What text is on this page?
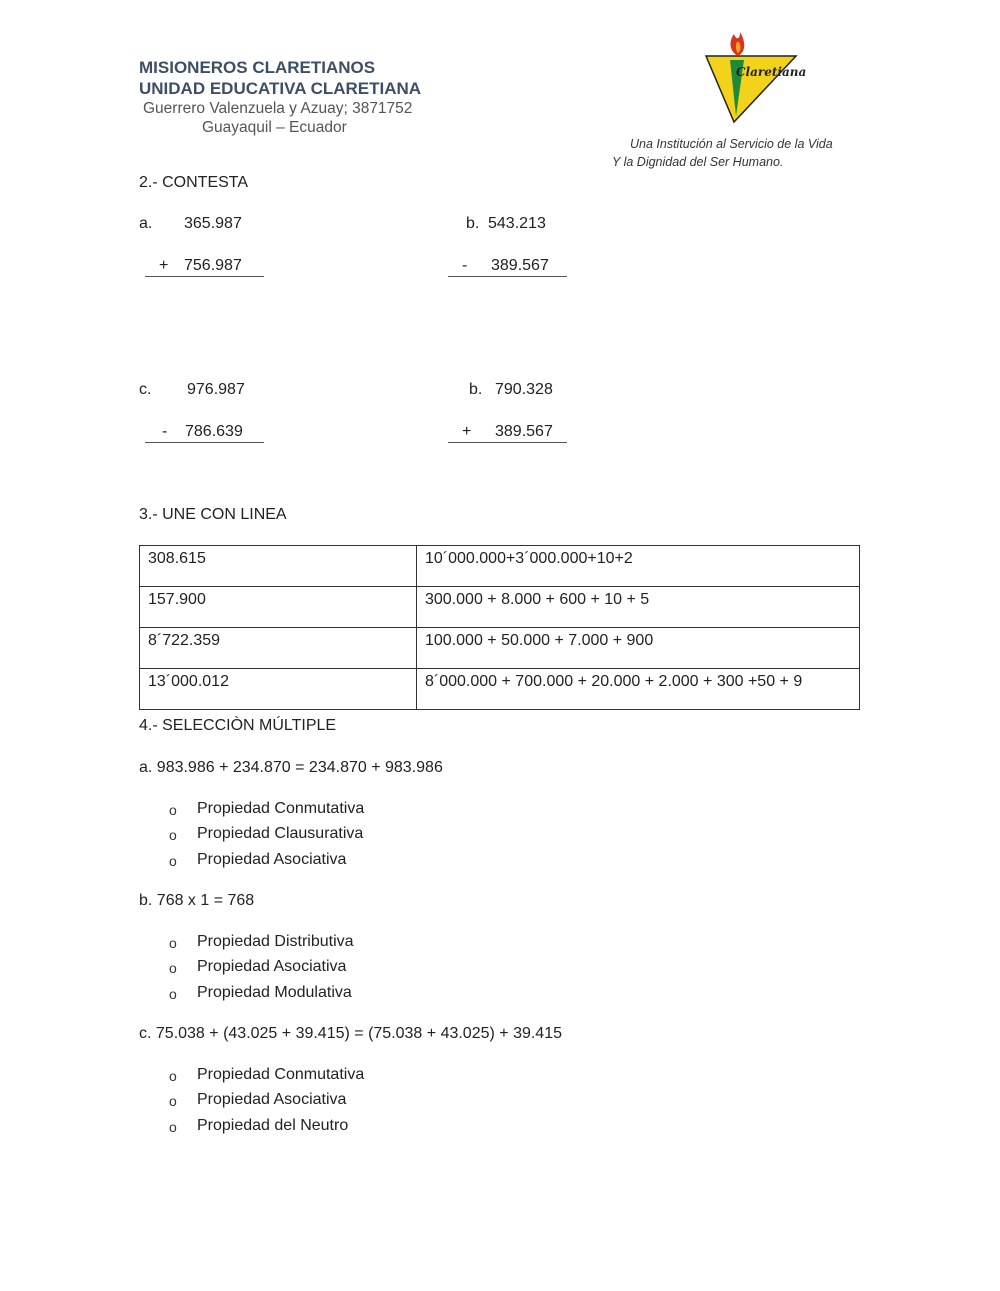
MISIONEROS CLARETIANOS
UNIDAD EDUCATIVA CLARETIANA
Guerrero Valenzuela y Azuay; 3871752
Guayaquil – Ecuador
Claretiana
Una Institución al Servicio de la Vida
Y la Dignidad del Ser Humano.
2.- CONTESTA
a. 365.987
+ 756.987
b. 543.213
- 389.567
c. 976.987
- 786.639
b. 790.328
+ 389.567
3.- UNE CON LINEA
308.615	10´000.000+3´000.000+10+2
157.900	300.000 + 8.000 + 600 + 10 + 5
8´722.359	100.000 + 50.000 + 7.000 + 900
13´000.012	8´000.000 + 700.000 + 20.000 + 2.000 + 300 +50 + 9
4.- SELECCIÒN MÚLTIPLE
a. 983.986 + 234.870 = 234.870 + 983.986
o Propiedad Conmutativa
o Propiedad Clausurativa
o Propiedad Asociativa
b. 768 x 1 = 768
o Propiedad Distributiva
o Propiedad Asociativa
o Propiedad Modulativa
c. 75.038 + (43.025 + 39.415) = (75.038 + 43.025) + 39.415
o Propiedad Conmutativa
o Propiedad Asociativa
o Propiedad del Neutro
